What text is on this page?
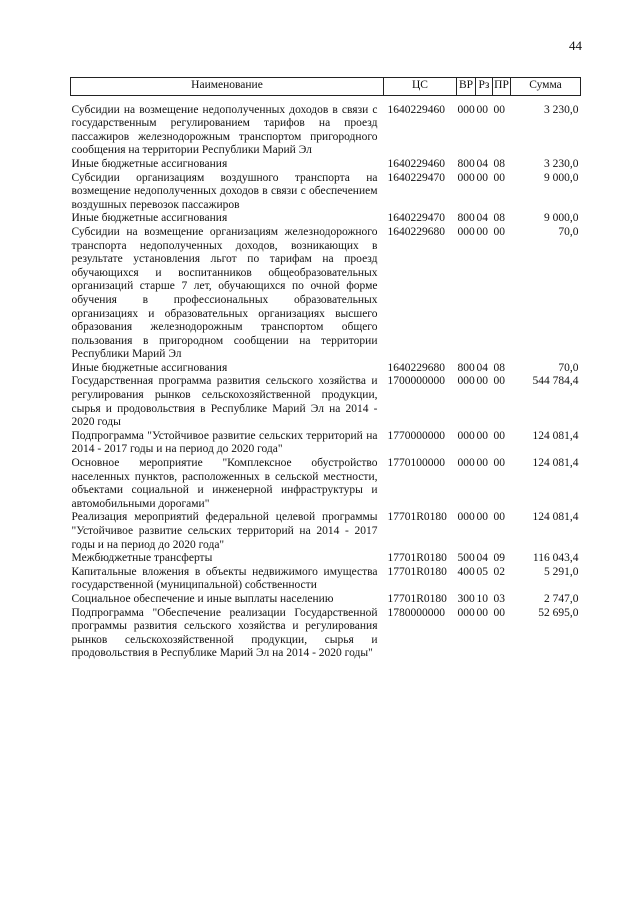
44
Наименование	ЦС	ВР	Рз	ПР	Сумма

Субсидии на возмещение недополученных доходов в связи с государственным регулированием тарифов на проезд пассажиров железнодорожным транспортом пригородного сообщения на территории Республики Марий Эл	1640229460	000	00	00	3 230,0
Иные бюджетные ассигнования	1640229460	800	04	08	3 230,0
Субсидии организациям воздушного транспорта на возмещение недополученных доходов в связи с обеспечением воздушных перевозок пассажиров	1640229470	000	00	00	9 000,0
Иные бюджетные ассигнования	1640229470	800	04	08	9 000,0
Субсидии на возмещение организациям железнодорожного транспорта недополученных доходов, возникающих в результате установления льгот по тарифам на проезд обучающихся и воспитанников общеобразовательных организаций старше 7 лет, обучающихся по очной форме обучения в профессиональных образовательных организациях и образовательных организациях высшего образования железнодорожным транспортом общего пользования в пригородном сообщении на территории Республики Марий Эл	1640229680	000	00	00	70,0
Иные бюджетные ассигнования	1640229680	800	04	08	70,0
Государственная программа развития сельского хозяйства и регулирования рынков сельскохозяйственной продукции, сырья и продовольствия в Республике Марий Эл на 2014 - 2020 годы	1700000000	000	00	00	544 784,4
Подпрограмма "Устойчивое развитие сельских территорий на 2014 - 2017 годы и на период до 2020 года"	1770000000	000	00	00	124 081,4
Основное мероприятие "Комплексное обустройство населенных пунктов, расположенных в сельской местности, объектами социальной и инженерной инфраструктуры и автомобильными дорогами"	1770100000	000	00	00	124 081,4
Реализация мероприятий федеральной целевой программы "Устойчивое развитие сельских территорий на 2014 - 2017 годы и на период до 2020 года"	17701R0180	000	00	00	124 081,4
Межбюджетные трансферты	17701R0180	500	04	09	116 043,4
Капитальные вложения в объекты недвижимого имущества государственной (муниципальной) собственности	17701R0180	400	05	02	5 291,0
Социальное обеспечение и иные выплаты населению	17701R0180	300	10	03	2 747,0
Подпрограмма "Обеспечение реализации Государственной программы развития сельского хозяйства и регулирования рынков сельскохозяйственной продукции, сырья и продовольствия в Республике Марий Эл на 2014 - 2020 годы"	1780000000	000	00	00	52 695,0
